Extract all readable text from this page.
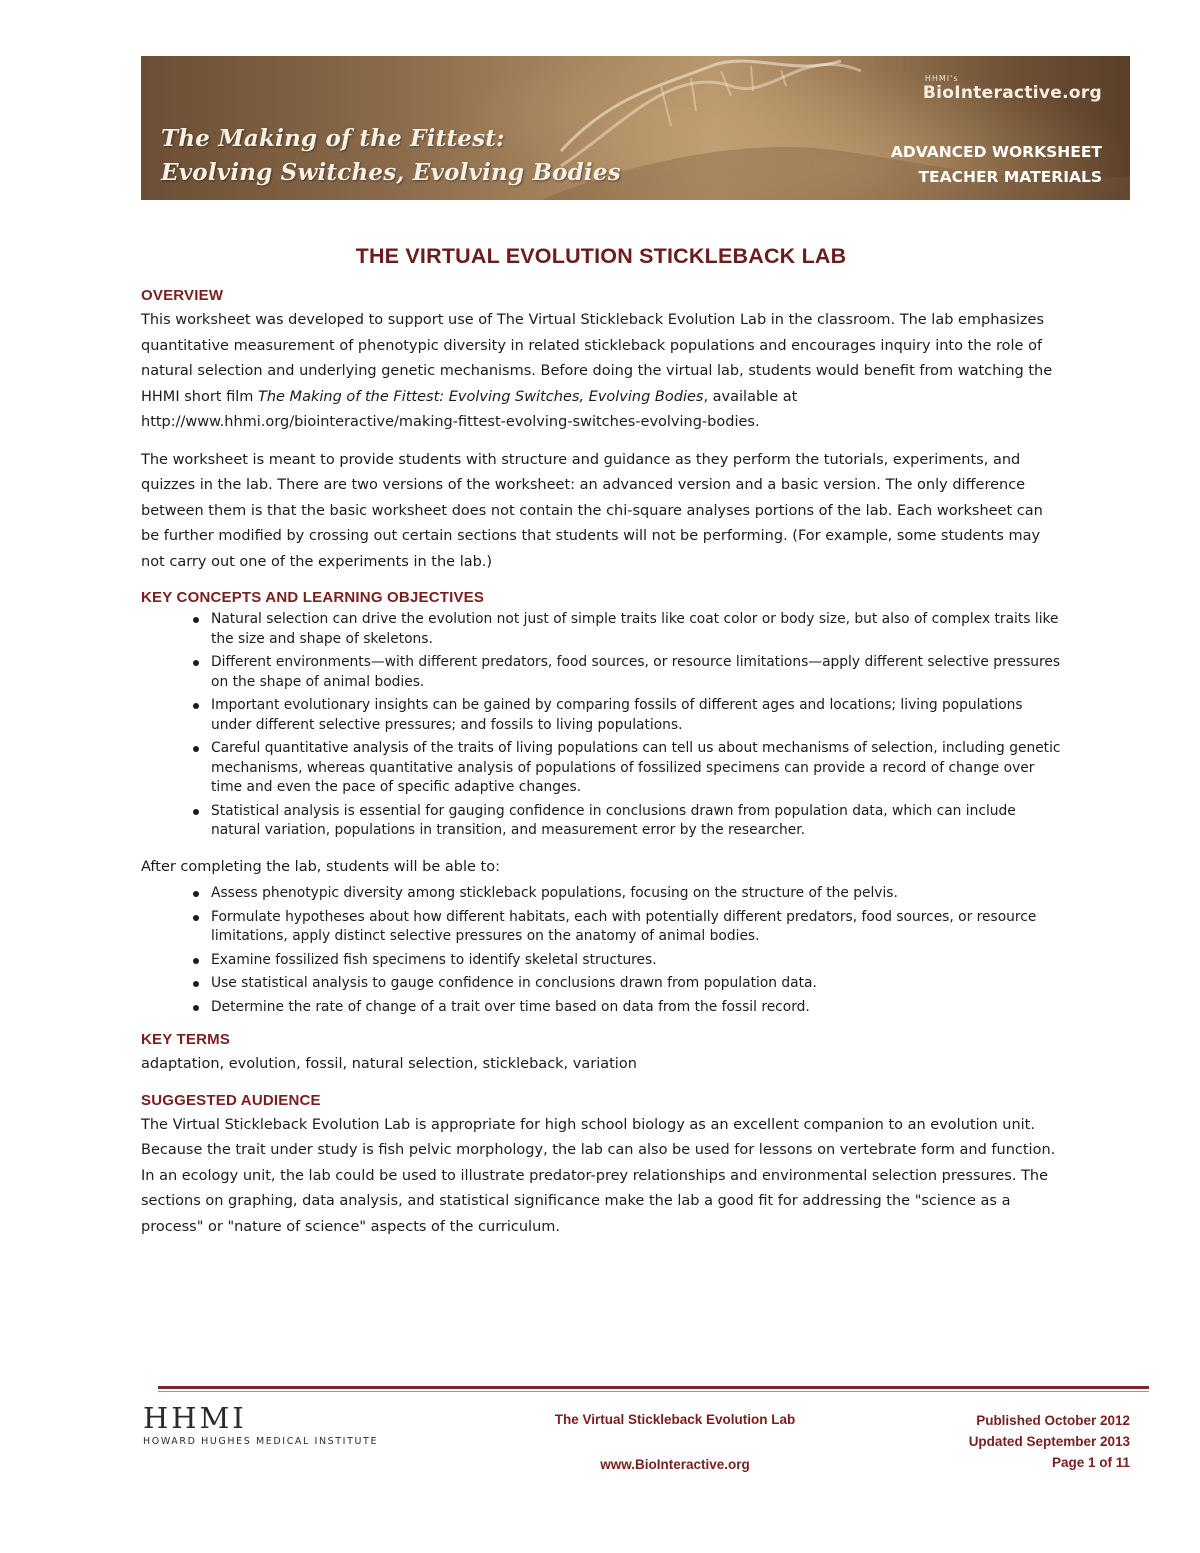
The Making of the Fittest:
Evolving Switches, Evolving Bodies
HHMI's
BioInteractive.org
ADVANCED WORKSHEET
TEACHER MATERIALS
THE VIRTUAL EVOLUTION STICKLEBACK LAB
OVERVIEW

This worksheet was developed to support use of The Virtual Stickleback Evolution Lab in the classroom. The lab emphasizes quantitative measurement of phenotypic diversity in related stickleback populations and encourages inquiry into the role of natural selection and underlying genetic mechanisms. Before doing the virtual lab, students would benefit from watching the HHMI short film The Making of the Fittest: Evolving Switches, Evolving Bodies, available at http://www.hhmi.org/biointeractive/making-fittest-evolving-switches-evolving-bodies.

The worksheet is meant to provide students with structure and guidance as they perform the tutorials, experiments, and quizzes in the lab. There are two versions of the worksheet: an advanced version and a basic version. The only difference between them is that the basic worksheet does not contain the chi-square analyses portions of the lab. Each worksheet can be further modified by crossing out certain sections that students will not be performing. (For example, some students may not carry out one of the experiments in the lab.)

KEY CONCEPTS AND LEARNING OBJECTIVES
Natural selection can drive the evolution not just of simple traits like coat color or body size, but also of complex traits like the size and shape of skeletons.
Different environments—with different predators, food sources, or resource limitations—apply different selective pressures on the shape of animal bodies.
Important evolutionary insights can be gained by comparing fossils of different ages and locations; living populations under different selective pressures; and fossils to living populations.
Careful quantitative analysis of the traits of living populations can tell us about mechanisms of selection, including genetic mechanisms, whereas quantitative analysis of populations of fossilized specimens can provide a record of change over time and even the pace of specific adaptive changes.
Statistical analysis is essential for gauging confidence in conclusions drawn from population data, which can include natural variation, populations in transition, and measurement error by the researcher.

After completing the lab, students will be able to:

Assess phenotypic diversity among stickleback populations, focusing on the structure of the pelvis.
Formulate hypotheses about how different habitats, each with potentially different predators, food sources, or resource limitations, apply distinct selective pressures on the anatomy of animal bodies.
Examine fossilized fish specimens to identify skeletal structures.
Use statistical analysis to gauge confidence in conclusions drawn from population data.
Determine the rate of change of a trait over time based on data from the fossil record.
KEY TERMS

adaptation, evolution, fossil, natural selection, stickleback, variation

SUGGESTED AUDIENCE

The Virtual Stickleback Evolution Lab is appropriate for high school biology as an excellent companion to an evolution unit. Because the trait under study is fish pelvic morphology, the lab can also be used for lessons on vertebrate form and function. In an ecology unit, the lab could be used to illustrate predator-prey relationships and environmental selection pressures. The sections on graphing, data analysis, and statistical significance make the lab a good fit for addressing the "science as a process" or "nature of science" aspects of the curriculum.

HHMI
HOWARD HUGHES MEDICAL INSTITUTE
The Virtual Stickleback Evolution Lab
www.BioInteractive.org
Published October 2012
Updated September 2013
Page 1 of 11
